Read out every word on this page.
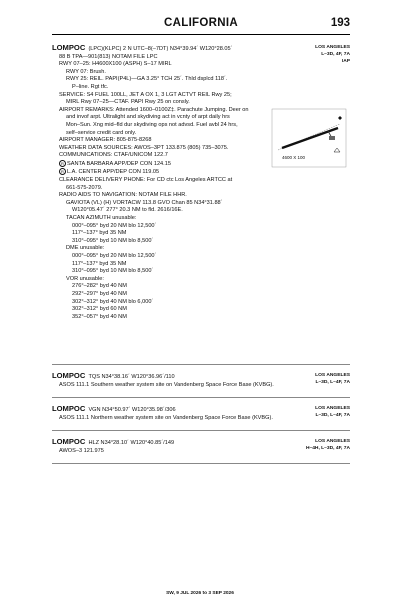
CALIFORNIA	193
LOS ANGELES
L–3D, 4F, 7A
IAP
LOMPOC (LPC)(KLPC) 2 N UTC–8(–7DT) N34°39.94´ W120°28.05´
88 B TPA—901(813) NOTAM FILE LPC
RWY 07–25: H4600X100 (ASPH) S–17 MIRL
RWY 07: Brush.
RWY 25: REIL. PAPI(P4L)—GA 3.25° TCH 25´. Thld dsplcd 118´.
P–line. Rgt tfc.
SERVICE: S4 FUEL 100LL, JET A OX 1, 3 LGT ACTVT REIL Rwy 25;
MIRL Rwy 07–25—CTAF. PAPI Rwy 25 on consly.
AIRPORT REMARKS: Attended 1600–0100Z‡. Parachute Jumping. Deer on
and invof arpt. Ultralight and skydiving act in vcnty of arpt daily hrs
Mon–Sun. Xng mid–fld dur skydiving ops not advsd. Fuel avbl 24 hrs,
self–service credit card only.
AIRPORT MANAGER: 805-875-8268
WEATHER DATA SOURCES: AWOS–3PT 133.875 (805) 735–3075.
COMMUNICATIONS: CTAF/UNICOM 122.7
R SANTA BARBARA APP/DEP CON 124.15
R L.A. CENTER APP/DEP CON 119.05
CLEARANCE DELIVERY PHONE: For CD ctc Los Angeles ARTCC at
661-575-2079.
RADIO AIDS TO NAVIGATION: NOTAM FILE HHR.
GAVIOTA (VL) (H) VORTACW 113.8 GVO Chan 85 N34°31.88´
W120°05.47´ 277° 20.3 NM to fld. 2616/16E.
TACAN AZIMUTH unusable:
000°–095° byd 20 NM blo 12,500´
117°–137° byd 35 NM
310°–095° byd 10 NM blo 8,500´
DME unusable:
000°–095° byd 20 NM blo 12,500´
117°–137° byd 35 NM
310°–095° byd 10 NM blo 8,500´
VOR unusable:
276°–282° byd 40 NM
292°–297° byd 40 NM
302°–312° byd 40 NM blo 6,000´
302°–312° byd 60 NM
352°–057° byd 40 NM
4600 X 100
LOS ANGELES
L–3D, L–4F, 7A
LOMPOC TQS N34°38.16´ W120°36.96´/110
ASOS 111.1 Southern weather system site on Vandenberg Space Force Base (KVBG).
LOS ANGELES
L–3D, L–4F, 7A
LOMPOC VGN N34°50.97´ W120°35.98´/306
ASOS 111.1 Northern weather system site on Vandenberg Space Force Base (KVBG).
LOS ANGELES
H–4H, L–3D, 4F, 7A
LOMPOC HLZ N34°28.10´ W120°40.85´/149
AWOS–3 121.975
SW, 9 JUL 2026 to 3 SEP 2026
